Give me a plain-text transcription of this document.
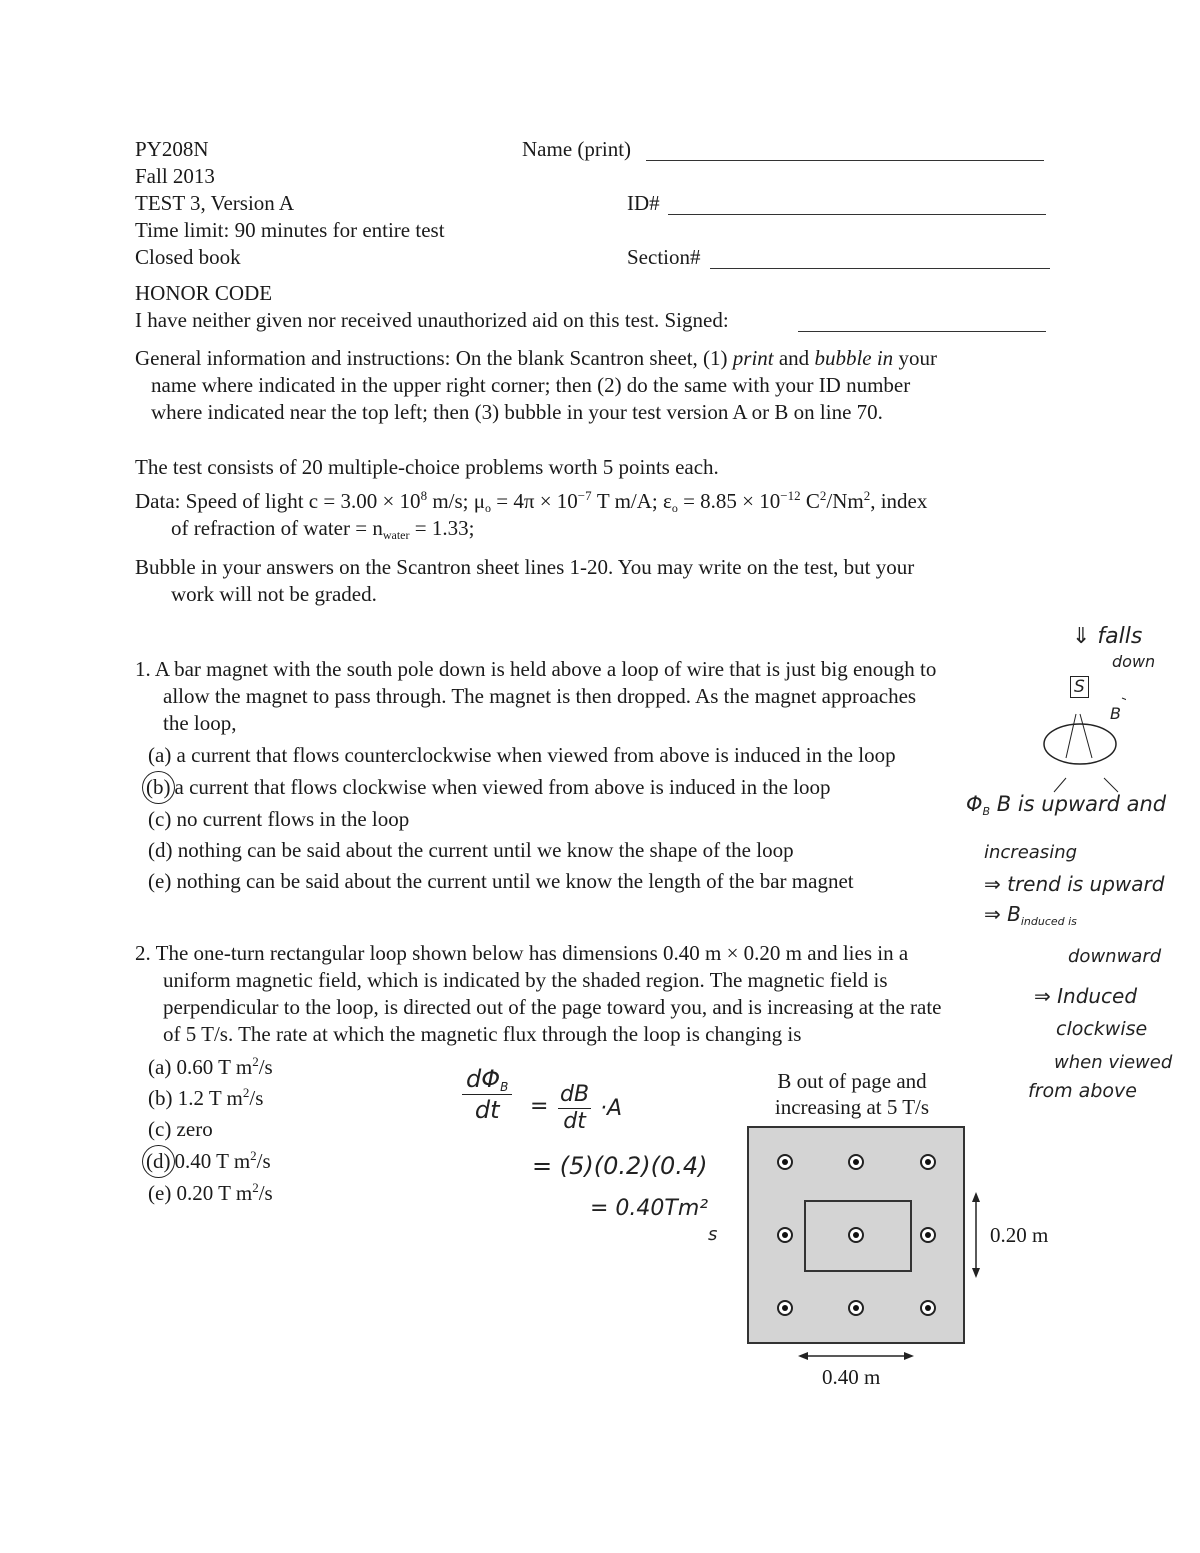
PY208N
Fall 2013
TEST 3, Version A
Time limit: 90 minutes for entire test
Closed book
Name (print)
ID#
Section#
HONOR CODE
I have neither given nor received unauthorized aid on this test. Signed:
General information and instructions: On the blank Scantron sheet, (1) print and bubble in your
name where indicated in the upper right corner; then (2) do the same with your ID number
where indicated near the top left; then (3) bubble in your test version A or B on line 70.
The test consists of 20 multiple-choice problems worth 5 points each.
Data: Speed of light $c = 3.00 \times 10^8$ m/s; $\mu_o = 4\pi \times 10^{-7}$ T m/A; $\varepsilon_o = 8.85 \times 10^{-12}$ $C^2/Nm^2$, index
of refraction of water = $n_{water} = 1.33$;
Bubble in your answers on the Scantron sheet lines 1-20. You may write on the test, but your
work will not be graded.
1. A bar magnet with the south pole down is held above a loop of wire that is just big enough to
allow the magnet to pass through. The magnet is then dropped. As the magnet approaches
the loop,
(a) a current that flows counterclockwise when viewed from above is induced in the loop
(b) a current that flows clockwise when viewed from above is induced in the loop
(c) no current flows in the loop
(d) nothing can be said about the current until we know the shape of the loop
(e) nothing can be said about the current until we know the length of the bar magnet
2. The one-turn rectangular loop shown below has dimensions 0.40 m × 0.20 m and lies in a
uniform magnetic field, which is indicated by the shaded region. The magnetic field is
perpendicular to the loop, is directed out of the page toward you, and is increasing at the rate
of 5 T/s. The rate at which the magnetic flux through the loop is changing is
(a) 0.60 T $m^2/s$
(b) 1.2 T $m^2/s$
(c) zero
(d) 0.40 T $m^2/s$
(e) 0.20 T $m^2/s$
B out of page and
increasing at 5 T/s
0.20 m
0.40 m
⇓ falls
down
S
B
$\Phi_B$ B is upward and
increasing
⇒ trend is upward
⇒ $B_{induced is}$
downward
⇒ Induced
clockwise
when viewed
from above
$d\Phi_B$
dt	= dB
dt
·A
= (5)(0.2)(0.4)
= 0.40Tm²
s
